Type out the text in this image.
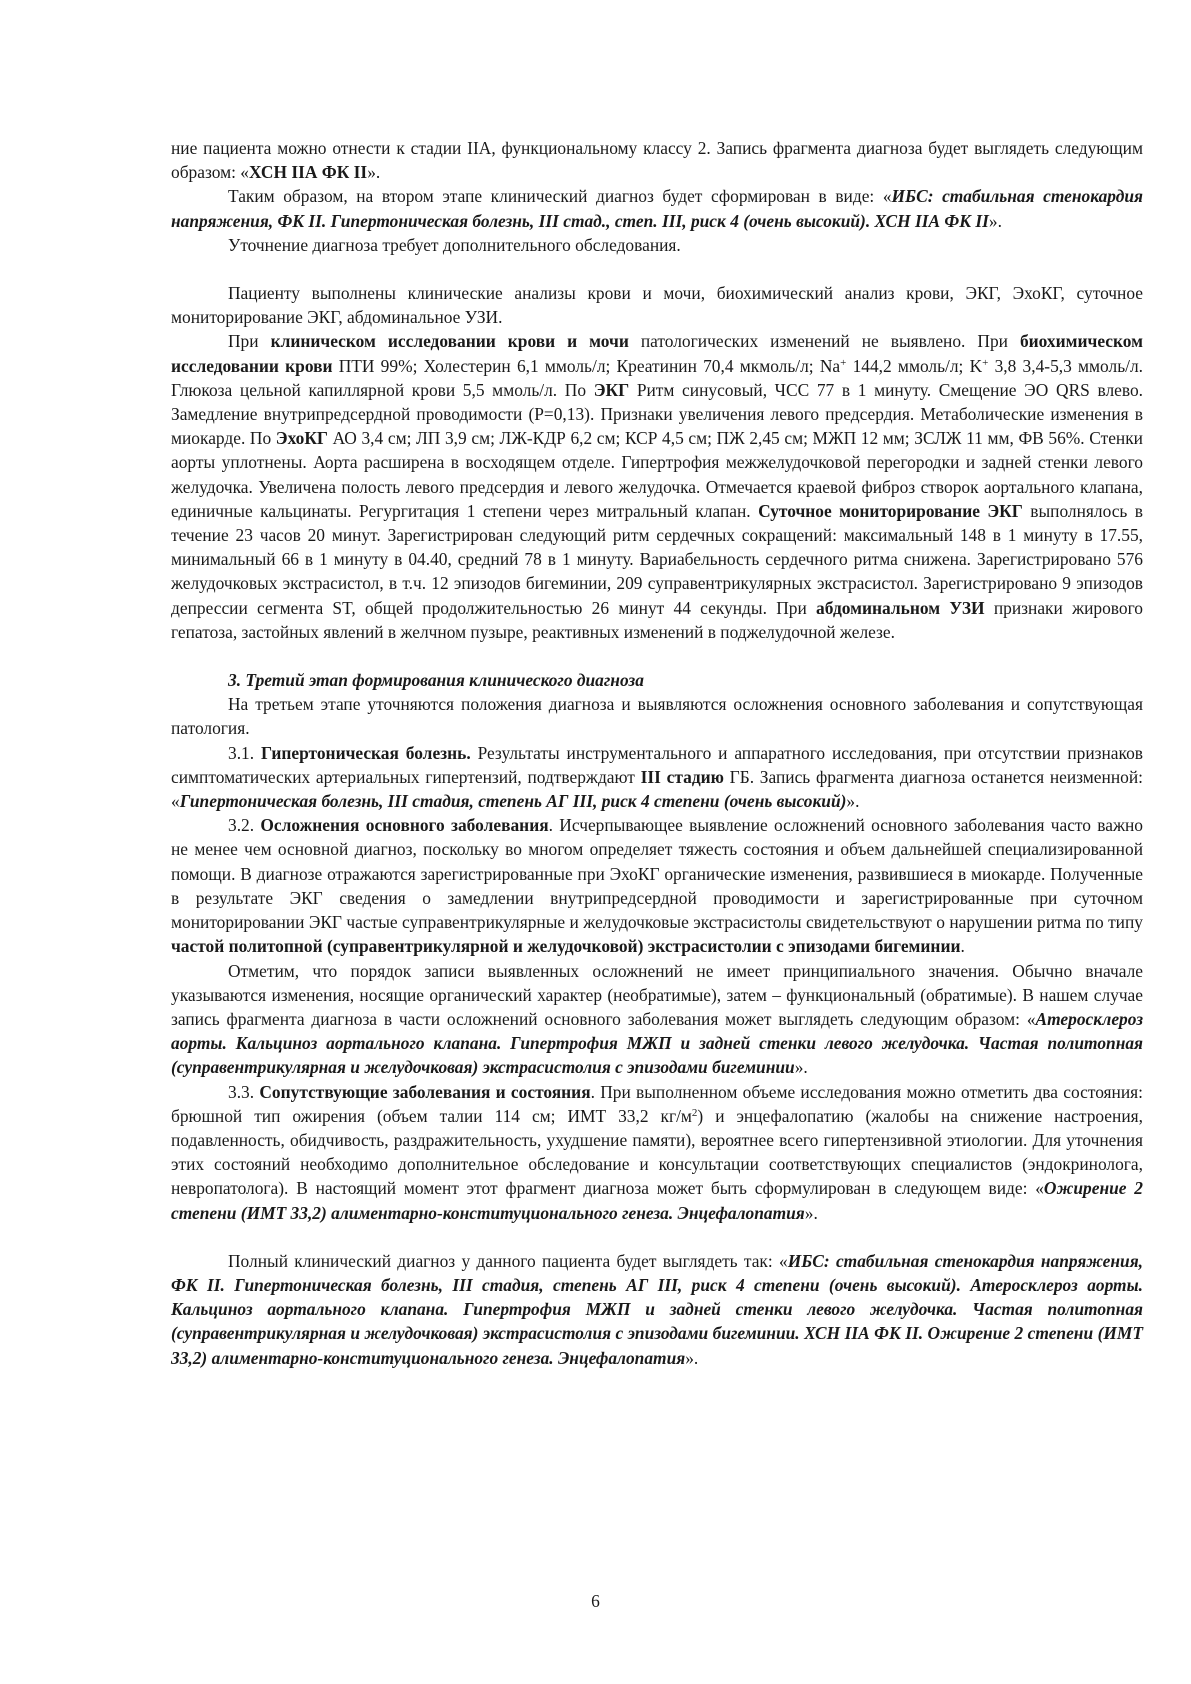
ние пациента можно отнести к стадии IIА, функциональному классу 2. Запись фрагмента диагноза будет выглядеть следующим образом: «ХСН IIА ФК II».

Таким образом, на втором этапе клинический диагноз будет сформирован в виде: «ИБС: стабильная стенокардия напряжения, ФК II. Гипертоническая болезнь, III стад., степ. III, риск 4 (очень высокий). ХСН IIА ФК II».

Уточнение диагноза требует дополнительного обследования.

Пациенту выполнены клинические анализы крови и мочи, биохимический анализ крови, ЭКГ, ЭхоКГ, суточное мониторирование ЭКГ, абдоминальное УЗИ.

При клиническом исследовании крови и мочи патологических изменений не выявлено. При биохимическом исследовании крови ПТИ 99%; Холестерин 6,1 ммоль/л; Креатинин 70,4 мкмоль/л; Na+ 144,2 ммоль/л; K+ 3,8 3,4-5,3 ммоль/л. Глюкоза цельной капиллярной крови 5,5 ммоль/л. По ЭКГ Ритм синусовый, ЧСС 77 в 1 минуту. Смещение ЭО QRS влево. Замедление внутрипредсердной проводимости (P=0,13). Признаки увеличения левого предсердия. Метаболические изменения в миокарде. По ЭхоКГ АО 3,4 см; ЛП 3,9 см; ЛЖ-КДР 6,2 см; КСР 4,5 см; ПЖ 2,45 см; МЖП 12 мм; ЗСЛЖ 11 мм, ФВ 56%. Стенки аорты уплотнены. Аорта расширена в восходящем отделе. Гипертрофия межжелудочковой перегородки и задней стенки левого желудочка. Увеличена полость левого предсердия и левого желудочка. Отмечается краевой фиброз створок аортального клапана, единичные кальцинаты. Регургитация 1 степени через митральный клапан. Суточное мониторирование ЭКГ выполнялось в течение 23 часов 20 минут. Зарегистрирован следующий ритм сердечных сокращений: максимальный 148 в 1 минуту в 17.55, минимальный 66 в 1 минуту в 04.40, средний 78 в 1 минуту. Вариабельность сердечного ритма снижена. Зарегистрировано 576 желудочковых экстрасистол, в т.ч. 12 эпизодов бигеминии, 209 суправентрикулярных экстрасистол. Зарегистрировано 9 эпизодов депрессии сегмента ST, общей продолжительностью 26 минут 44 секунды. При абдоминальном УЗИ признаки жирового гепатоза, застойных явлений в желчном пузыре, реактивных изменений в поджелудочной железе.

3. Третий этап формирования клинического диагноза

На третьем этапе уточняются положения диагноза и выявляются осложнения основного заболевания и сопутствующая патология.

3.1. Гипертоническая болезнь. Результаты инструментального и аппаратного исследования, при отсутствии признаков симптоматических артериальных гипертензий, подтверждают III стадию ГБ. Запись фрагмента диагноза останется неизменной: «Гипертоническая болезнь, III стадия, степень АГ III, риск 4 степени (очень высокий)».

3.2. Осложнения основного заболевания. Исчерпывающее выявление осложнений основного заболевания часто важно не менее чем основной диагноз, поскольку во многом определяет тяжесть состояния и объем дальнейшей специализированной помощи. В диагнозе отражаются зарегистрированные при ЭхоКГ органические изменения, развившиеся в миокарде. Полученные в результате ЭКГ сведения о замедлении внутрипредсердной проводимости и зарегистрированные при суточном мониторировании ЭКГ частые суправентрикулярные и желудочковые экстрасистолы свидетельствуют о нарушении ритма по типу частой политопной (суправентрикулярной и желудочковой) экстрасистолии с эпизодами бигеминии.

Отметим, что порядок записи выявленных осложнений не имеет принципиального значения. Обычно вначале указываются изменения, носящие органический характер (необратимые), затем – функциональный (обратимые). В нашем случае запись фрагмента диагноза в части осложнений основного заболевания может выглядеть следующим образом: «Атеросклероз аорты. Кальциноз аортального клапана. Гипертрофия МЖП и задней стенки левого желудочка. Частая политопная (суправентрикулярная и желудочковая) экстрасистолия с эпизодами бигеминии».

3.3. Сопутствующие заболевания и состояния. При выполненном объеме исследования можно отметить два состояния: брюшной тип ожирения (объем талии 114 см; ИМТ 33,2 $кг/м^2$) и энцефалопатию (жалобы на снижение настроения, подавленность, обидчивость, раздражительность, ухудшение памяти), вероятнее всего гипертензивной этиологии. Для уточнения этих состояний необходимо дополнительное обследование и консультации соответствующих специалистов (эндокринолога, невропатолога). В настоящий момент этот фрагмент диагноза может быть сформулирован в следующем виде: «Ожирение 2 степени (ИМТ 33,2) алиментарно-конституционального генеза. Энцефалопатия».

Полный клинический диагноз у данного пациента будет выглядеть так: «ИБС: стабильная стенокардия напряжения, ФК II. Гипертоническая болезнь, III стадия, степень АГ III, риск 4 степени (очень высокий). Атеросклероз аорты. Кальциноз аортального клапана. Гипертрофия МЖП и задней стенки левого желудочка. Частая политопная (суправентрикулярная и желудочковая) экстрасистолия с эпизодами бигеминии. ХСН IIА ФК II. Ожирение 2 степени (ИМТ 33,2) алиментарно-конституционального генеза. Энцефалопатия».

6
